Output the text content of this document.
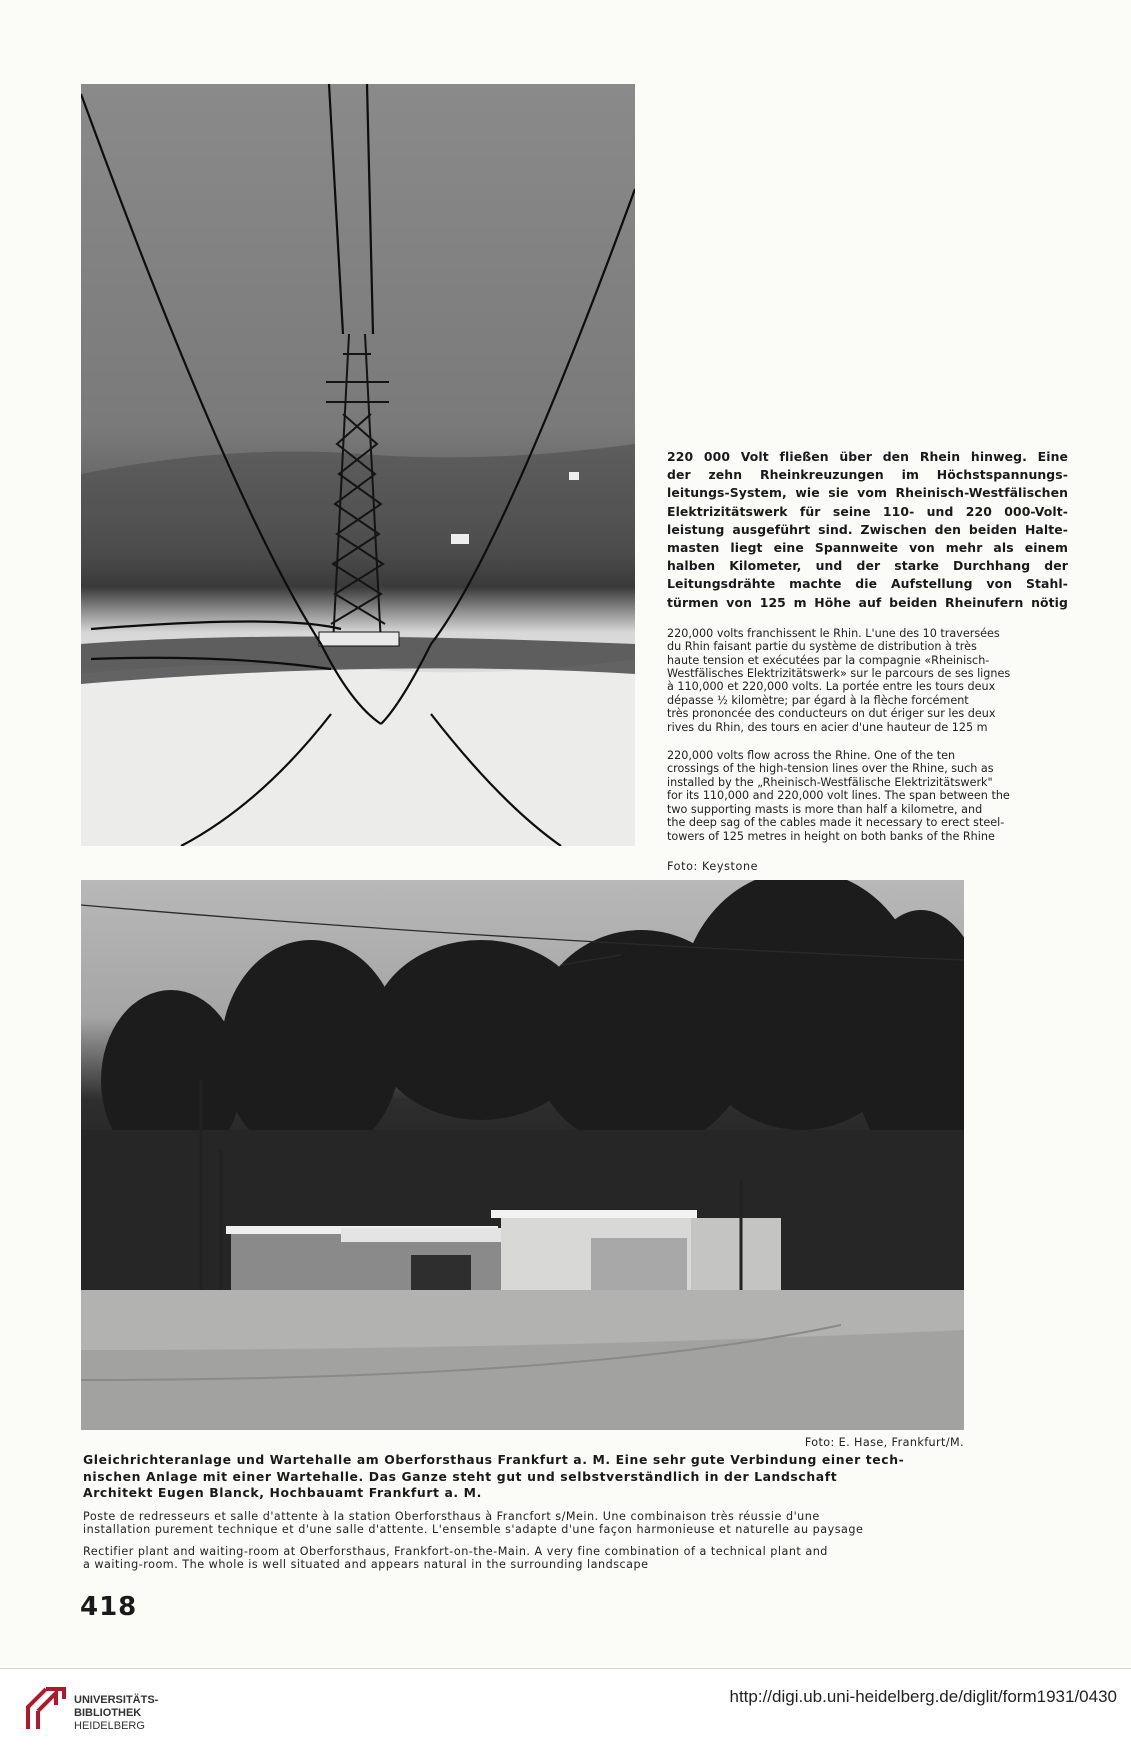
220 000 Volt fließen über den Rhein hinweg. Eine
der zehn Rheinkreuzungen im Höchstspannungs-
leitungs-System, wie sie vom Rheinisch-Westfälischen
Elektrizitätswerk für seine 110- und 220 000-Volt-
leistung ausgeführt sind. Zwischen den beiden Halte-
masten liegt eine Spannweite von mehr als einem
halben Kilometer, und der starke Durchhang der
Leitungsdrähte machte die Aufstellung von Stahl-
türmen von 125 m Höhe auf beiden Rheinufern nötig

220,000 volts franchissent le Rhin. L'une des 10 traversées
du Rhin faisant partie du système de distribution à très
haute tension et exécutées par la compagnie «Rheinisch-
Westfälisches Elektrizitätswerk» sur le parcours de ses lignes
à 110,000 et 220,000 volts. La portée entre les tours deux
dépasse ½ kilomètre; par égard à la flèche forcément
très prononcée des conducteurs on dut ériger sur les deux
rives du Rhin, des tours en acier d'une hauteur de 125 m

220,000 volts flow across the Rhine. One of the ten
crossings of the high-tension lines over the Rhine, such as
installed by the „Rheinisch-Westfälische Elektrizitätswerk"
for its 110,000 and 220,000 volt lines. The span between the
two supporting masts is more than half a kilometre, and
the deep sag of the cables made it necessary to erect steel-
towers of 125 metres in height on both banks of the Rhine

Foto: Keystone
Foto: E. Hase, Frankfurt/M.

Gleichrichteranlage und Wartehalle am Oberforsthaus Frankfurt a. M. Eine sehr gute Verbindung einer tech-
nischen Anlage mit einer Wartehalle. Das Ganze steht gut und selbstverständlich in der Landschaft
Architekt Eugen Blanck, Hochbauamt Frankfurt a. M.

Poste de redresseurs et salle d'attente à la station Oberforsthaus à Francfort s/Mein. Une combinaison très réussie d'une
installation purement technique et d'une salle d'attente. L'ensemble s'adapte d'une façon harmonieuse et naturelle au paysage

Rectifier plant and waiting-room at Oberforsthaus, Frankfort-on-the-Main. A very fine combination of a technical plant and
a waiting-room. The whole is well situated and appears natural in the surrounding landscape

418
UNIVERSITÄTS-
BIBLIOTHEK
HEIDELBERG
http://digi.ub.uni-heidelberg.de/diglit/form1931/0430
